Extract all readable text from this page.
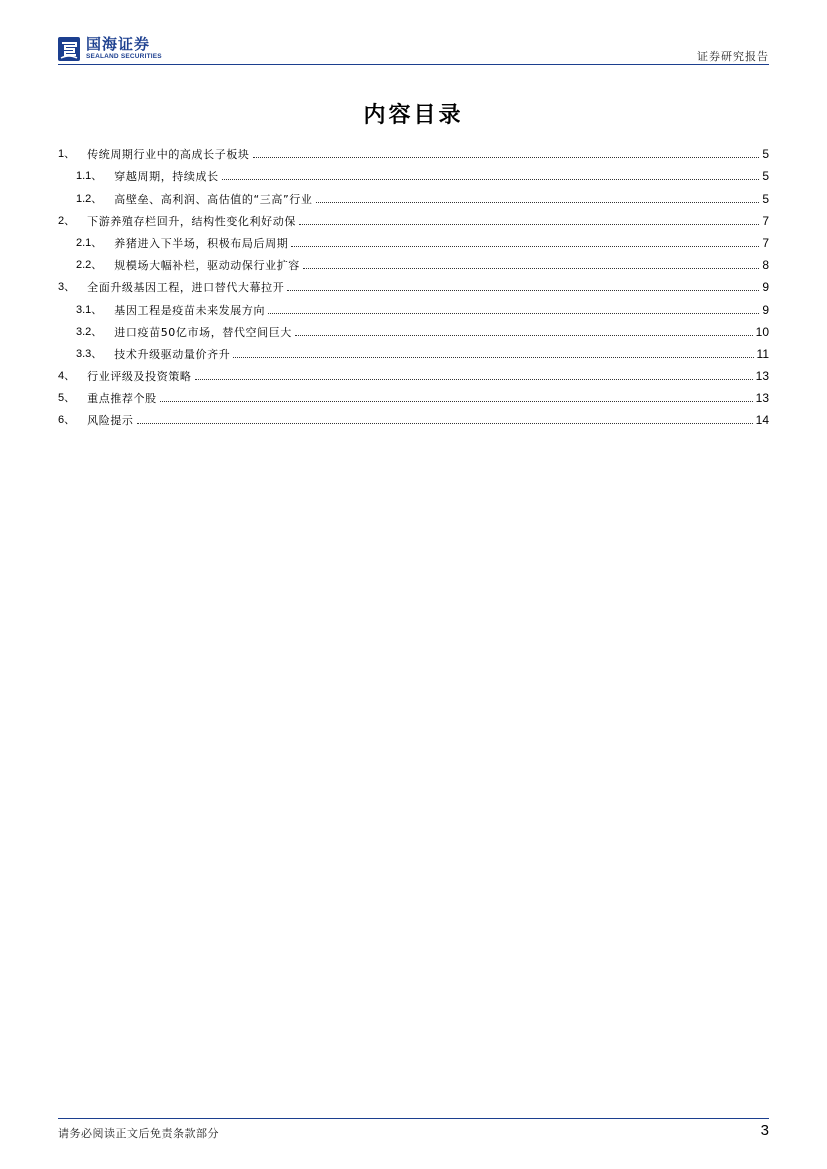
国海证券
SEALAND SECURITIES	证券研究报告
内容目录
1、 传统周期行业中的高成长子板块	5
1.1、 穿越周期，持续成长	5
1.2、 高壁垒、高利润、高估值的“三高”行业	5
2、 下游养殖存栏回升，结构性变化利好动保	7
2.1、 养猪进入下半场，积极布局后周期	7
2.2、 规模场大幅补栏，驱动动保行业扩容	8
3、 全面升级基因工程，进口替代大幕拉开	9
3.1、 基因工程是疫苗未来发展方向	9
3.2、 进口疫苗50亿市场，替代空间巨大	10
3.3、 技术升级驱动量价齐升	11
4、 行业评级及投资策略	13
5、 重点推荐个股	13
6、 风险提示	14
请务必阅读正文后免责条款部分	3
